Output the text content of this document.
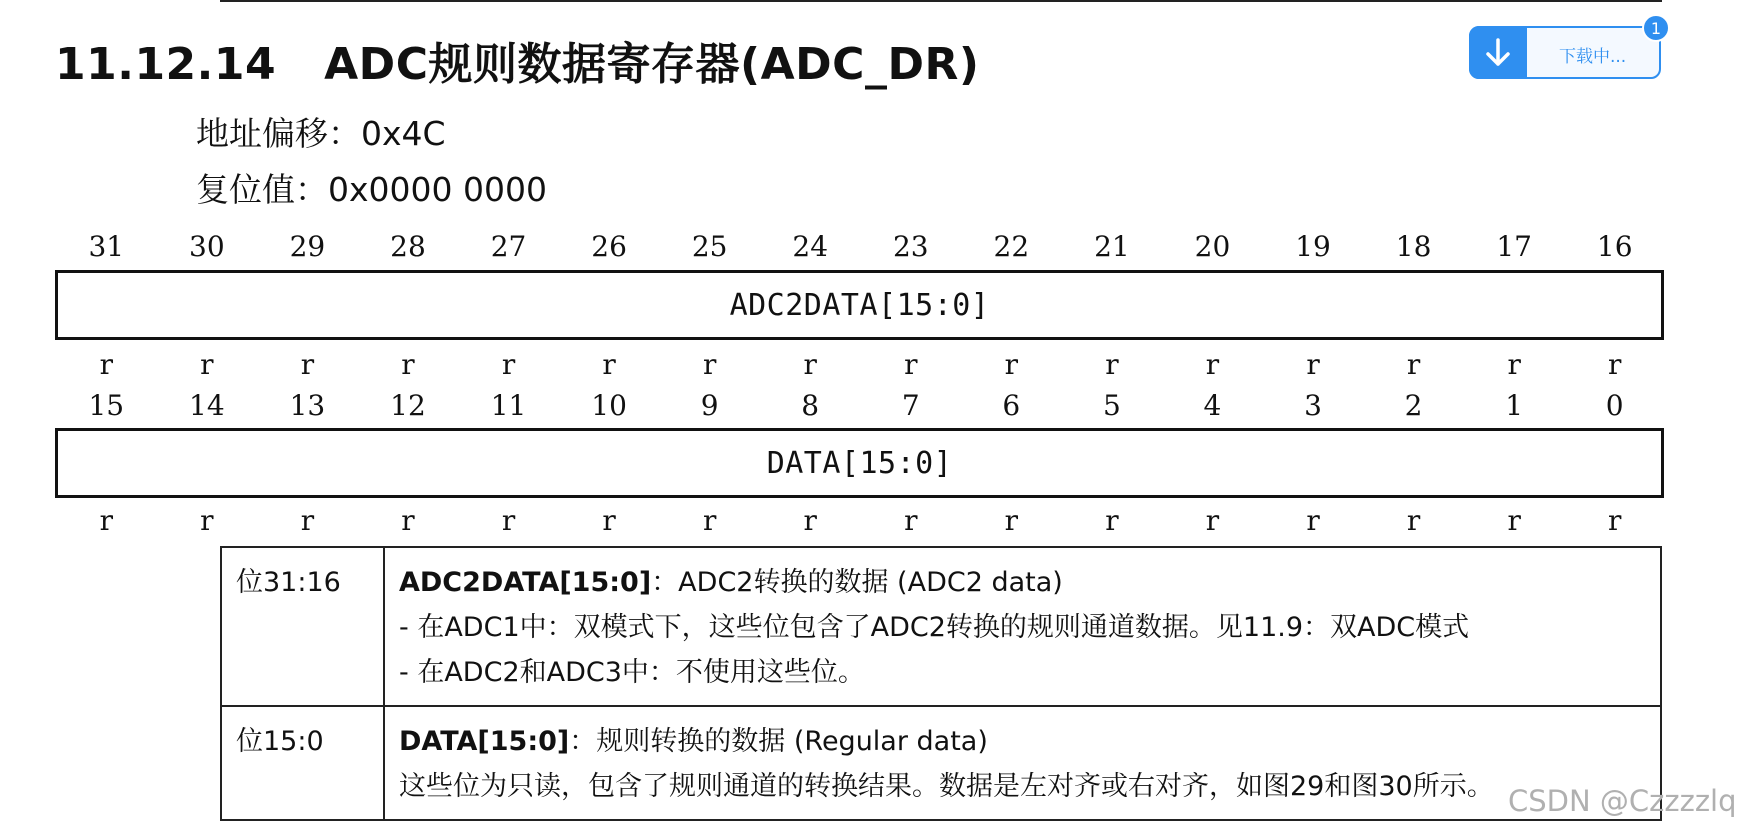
11.12.14 ADC规则数据寄存器(ADC_DR)	下载中...
1
地址偏移：0x4C
复位值：0x0000 0000
31	30	29	28	27	26	25	24	23	22	21	20	19	18	17	16
ADC2DATA[15:0]
r	r	r	r	r	r	r	r	r	r	r	r	r	r	r	r
15	14	13	12	11	10	9	8	7	6	5	4	3	2	1	0
DATA[15:0]
r	r	r	r	r	r	r	r	r	r	r	r	r	r	r	r
位31:16	ADC2DATA[15:0]：ADC2转换的数据 (ADC2 data)
- 在ADC1中：双模式下，这些位包含了ADC2转换的规则通道数据。见11.9：双ADC模式
- 在ADC2和ADC3中：不使用这些位。

位15:0	DATA[15:0]：规则转换的数据 (Regular data)
这些位为只读，包含了规则通道的转换结果。数据是左对齐或右对齐，如图29和图30所示。 CSDN @Czzzzlq
